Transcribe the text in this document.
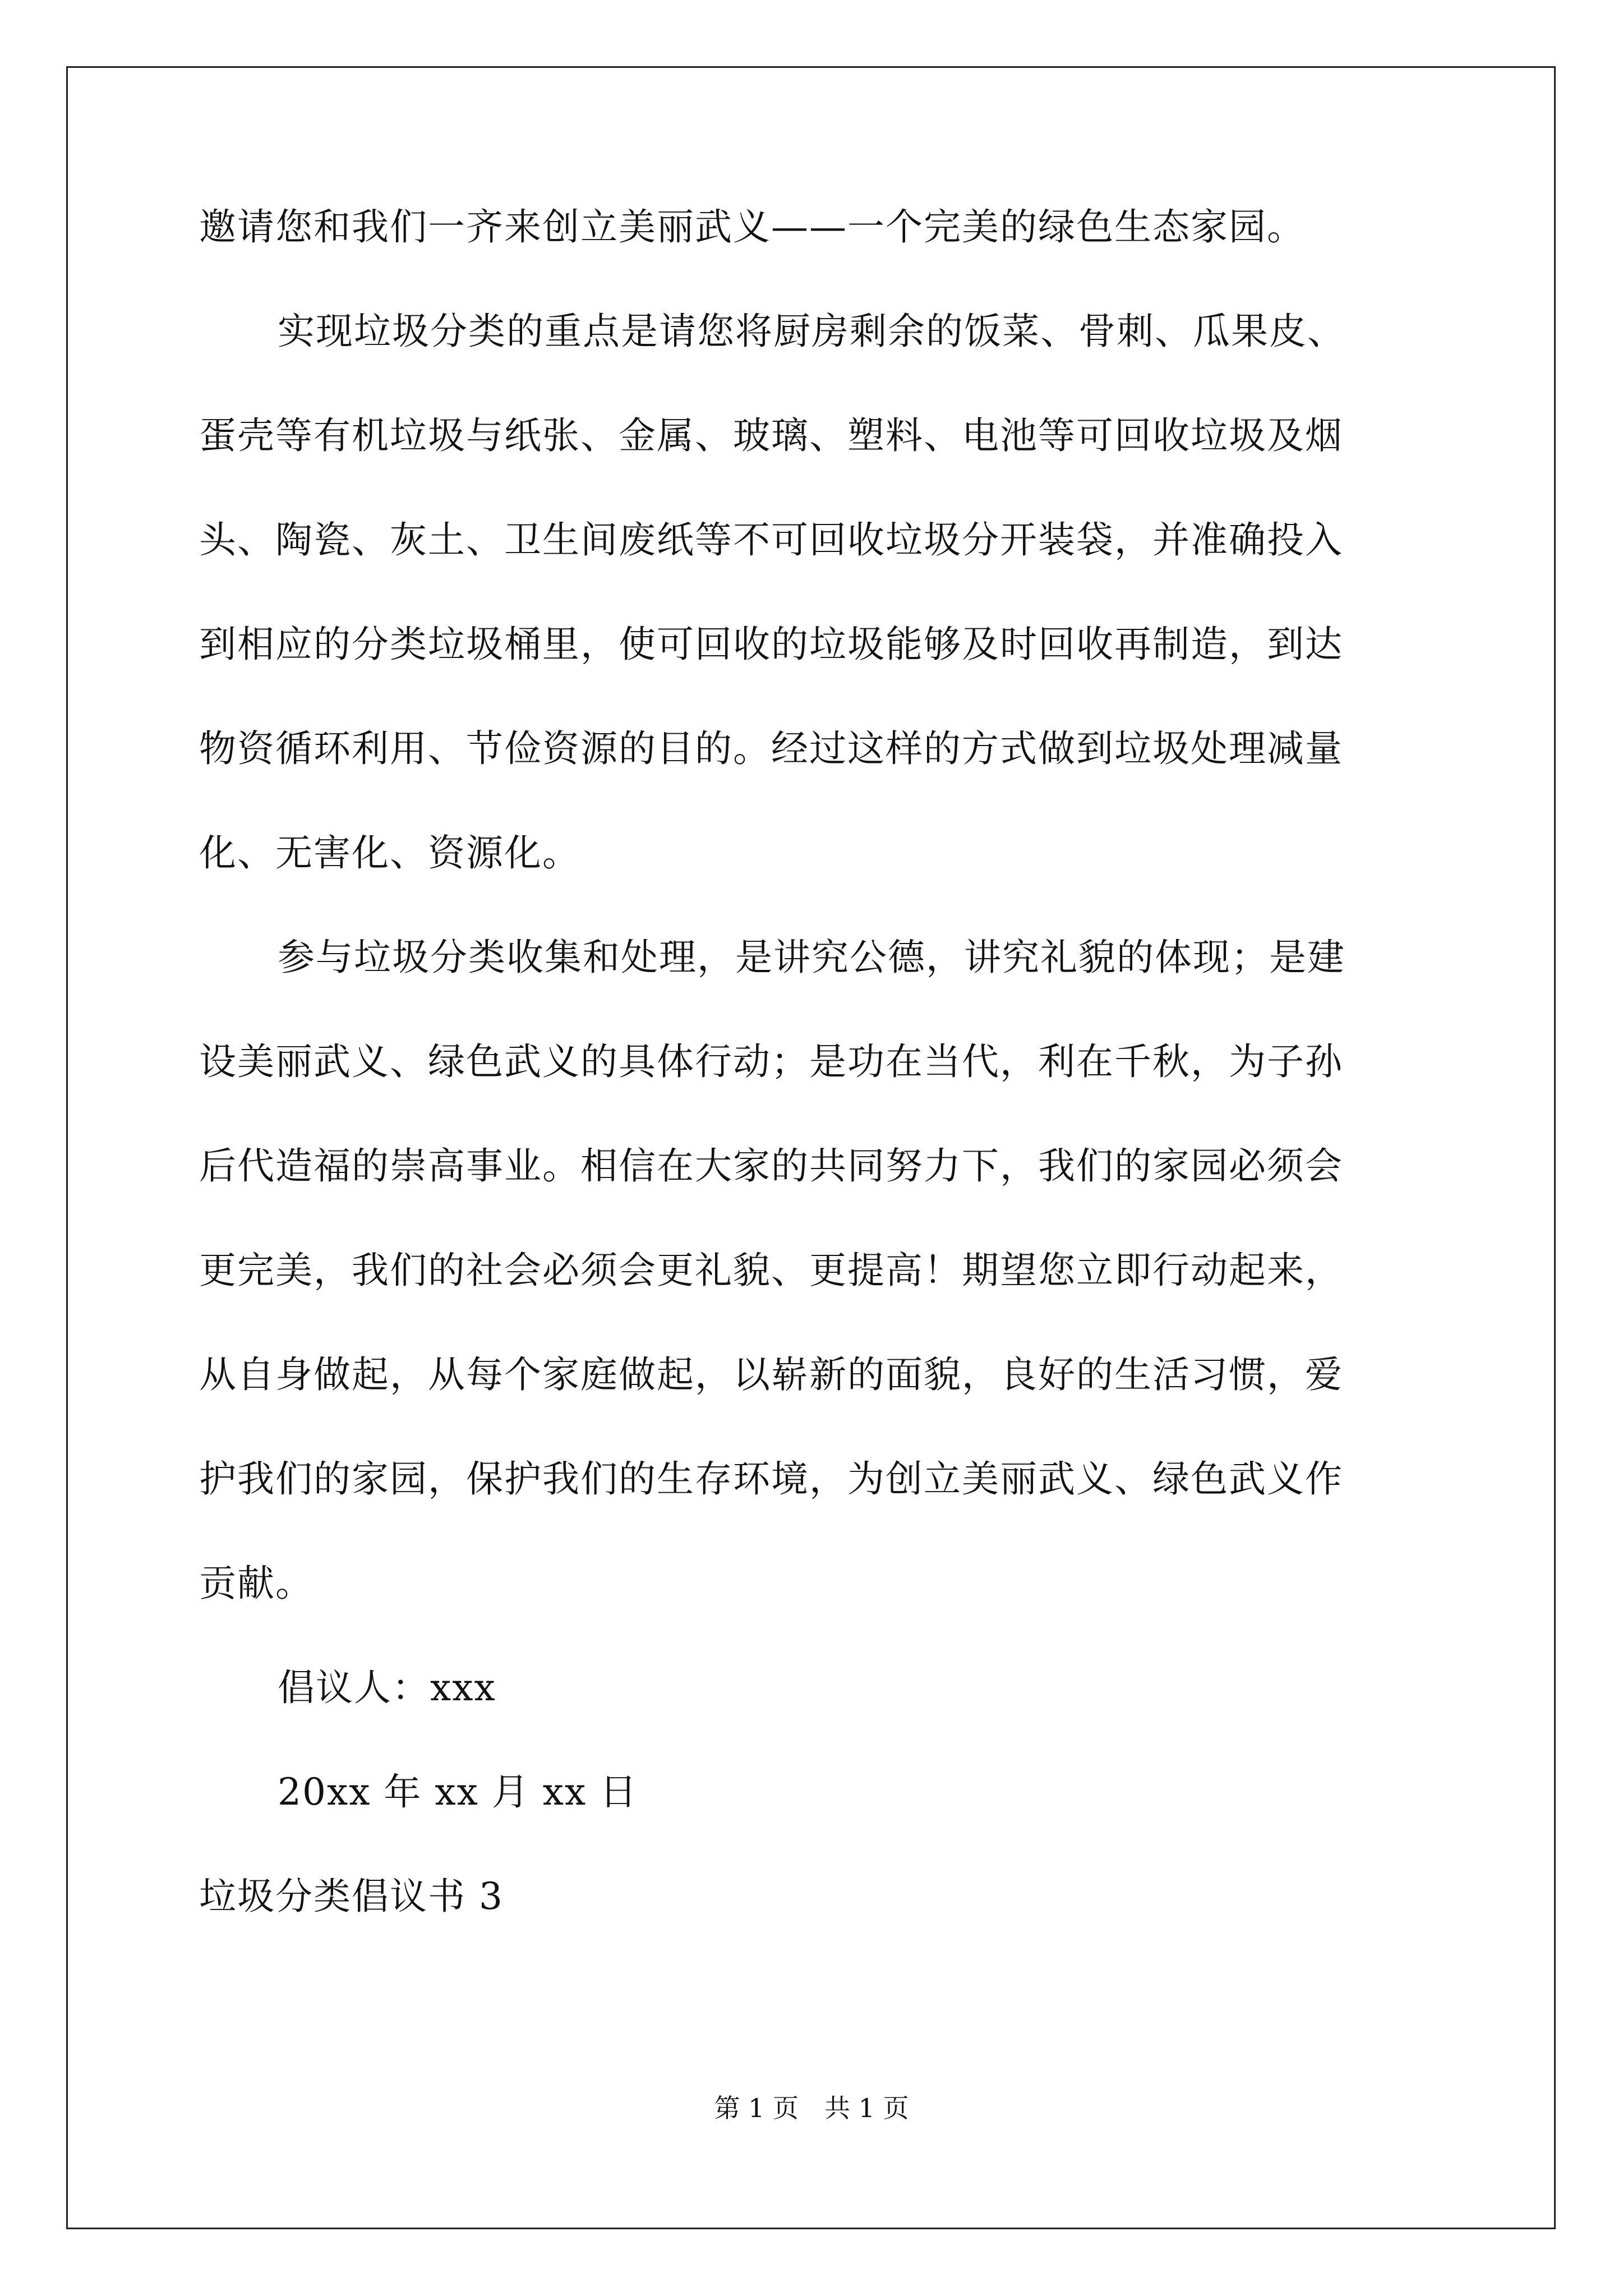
邀请您和我们一齐来创立美丽武义——一个完美的绿色生态家园。
实现垃圾分类的重点是请您将厨房剩余的饭菜、骨刺、瓜果皮、
蛋壳等有机垃圾与纸张、金属、玻璃、塑料、电池等可回收垃圾及烟
头、陶瓷、灰土、卫生间废纸等不可回收垃圾分开装袋，并准确投入
到相应的分类垃圾桶里，使可回收的垃圾能够及时回收再制造，到达
物资循环利用、节俭资源的目的。经过这样的方式做到垃圾处理减量
化、无害化、资源化。
参与垃圾分类收集和处理，是讲究公德，讲究礼貌的体现；是建
设美丽武义、绿色武义的具体行动；是功在当代，利在千秋，为子孙
后代造福的崇高事业。相信在大家的共同努力下，我们的家园必须会
更完美，我们的社会必须会更礼貌、更提高！期望您立即行动起来，
从自身做起，从每个家庭做起，以崭新的面貌，良好的生活习惯，爱
护我们的家园，保护我们的生存环境，为创立美丽武义、绿色武义作
贡献。
倡议人：xxx
20xx 年 xx 月 xx 日
垃圾分类倡议书 3
第 1 页　共 1 页
